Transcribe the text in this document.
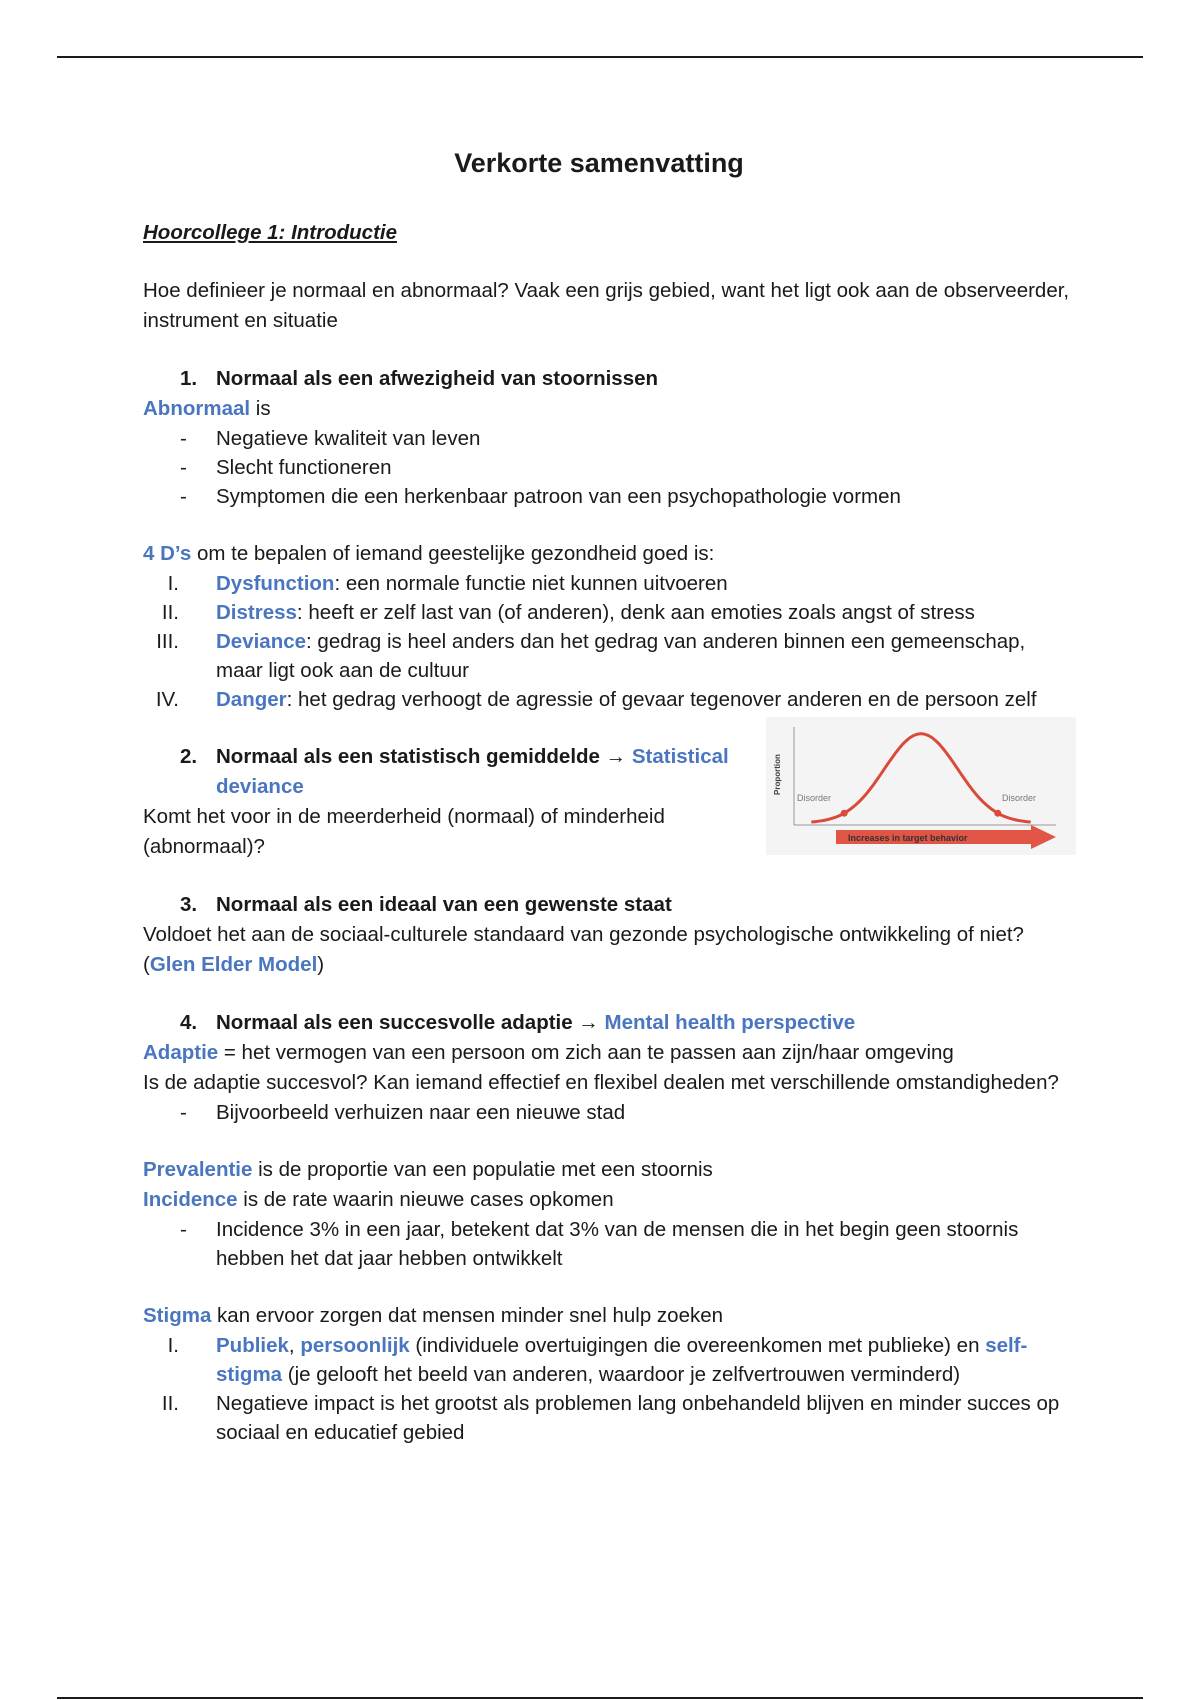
Verkorte samenvatting
Hoorcollege 1: Introductie

Hoe definieer je normaal en abnormaal? Vaak een grijs gebied, want het ligt ook aan de observeerder, instrument en situatie

1. Normaal als een afwezigheid van stoornissen

Abnormaal is

- Negatieve kwaliteit van leven
- Slecht functioneren
- Symptomen die een herkenbaar patroon van een psychopathologie vormen

4 D’s om te bepalen of iemand geestelijke gezondheid goed is:

I. Dysfunction: een normale functie niet kunnen uitvoeren
II. Distress: heeft er zelf last van (of anderen), denk aan emoties zoals angst of stress
III. Deviance: gedrag is heel anders dan het gedrag van anderen binnen een gemeenschap, maar ligt ook aan de cultuur
IV. Danger: het gedrag verhoogt de agressie of gevaar tegenover anderen en de persoon zelf
2. Normaal als een statistisch gemiddelde → Statistical deviance

Komt het voor in de meerderheid (normaal) of minderheid (abnormaal)?

Proportion
Disorder	Disorder
Increases in target behavior
3. Normaal als een ideaal van een gewenste staat

Voldoet het aan de sociaal-culturele standaard van gezonde psychologische ontwikkeling of niet? (Glen Elder Model)

4. Normaal als een succesvolle adaptie → Mental health perspective

Adaptie = het vermogen van een persoon om zich aan te passen aan zijn/haar omgeving

Is de adaptie succesvol? Kan iemand effectief en flexibel dealen met verschillende omstandigheden?

- Bijvoorbeeld verhuizen naar een nieuwe stad

Prevalentie is de proportie van een populatie met een stoornis

Incidence is de rate waarin nieuwe cases opkomen

- Incidence 3% in een jaar, betekent dat 3% van de mensen die in het begin geen stoornis hebben het dat jaar hebben ontwikkelt

Stigma kan ervoor zorgen dat mensen minder snel hulp zoeken

I. Publiek, persoonlijk (individuele overtuigingen die overeenkomen met publieke) en self-stigma (je gelooft het beeld van anderen, waardoor je zelfvertrouwen verminderd)
II. Negatieve impact is het grootst als problemen lang onbehandeld blijven en minder succes op sociaal en educatief gebied
